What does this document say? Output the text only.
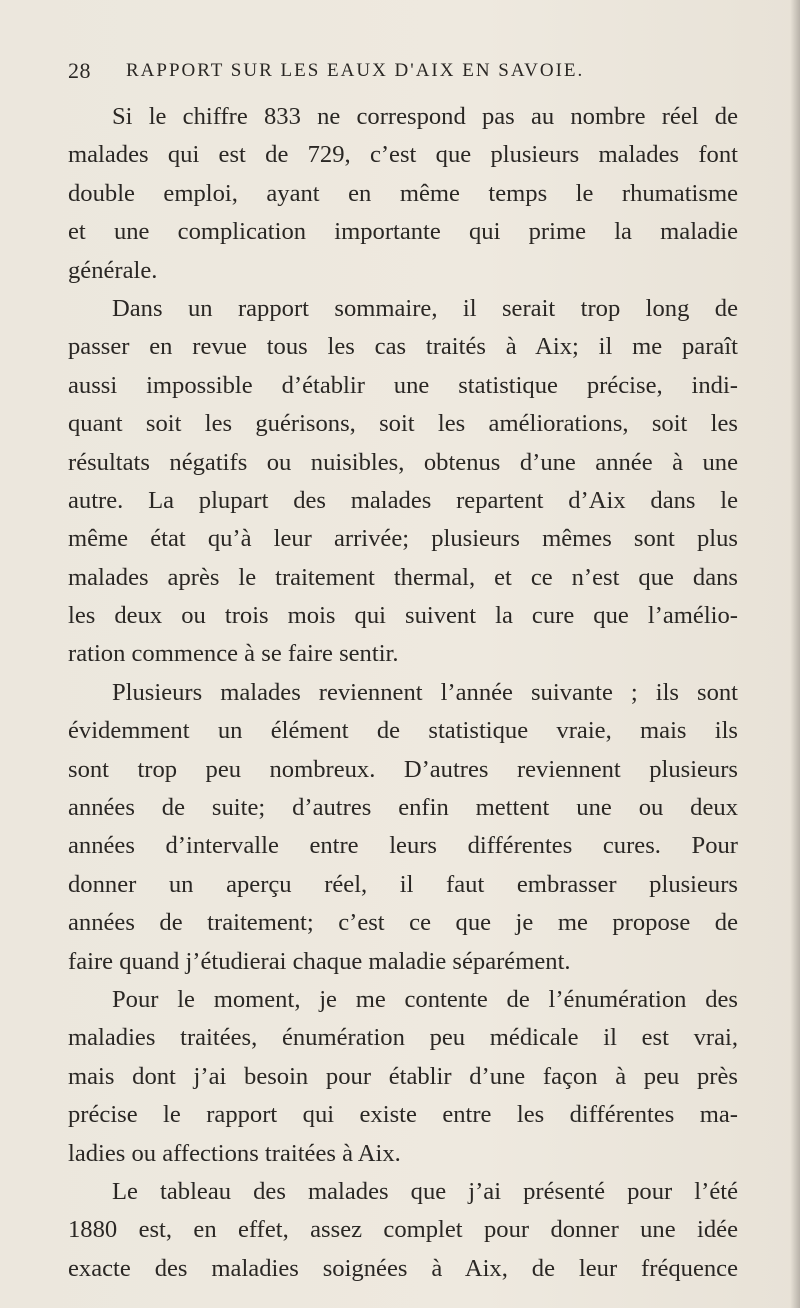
28 RAPPORT SUR LES EAUX D'AIX EN SAVOIE.

Si le chiffre 833 ne correspond pas au nombre réel de
malades qui est de 729, c’est que plusieurs malades font
double emploi, ayant en même temps le rhumatisme
et une complication importante qui prime la maladie
générale.

Dans un rapport sommaire, il serait trop long de
passer en revue tous les cas traités à Aix; il me paraît
aussi impossible d’établir une statistique précise, indi-
quant soit les guérisons, soit les améliorations, soit les
résultats négatifs ou nuisibles, obtenus d’une année à une
autre. La plupart des malades repartent d’Aix dans le
même état qu’à leur arrivée; plusieurs mêmes sont plus
malades après le traitement thermal, et ce n’est que dans
les deux ou trois mois qui suivent la cure que l’amélio-
ration commence à se faire sentir.

Plusieurs malades reviennent l’année suivante ; ils sont
évidemment un élément de statistique vraie, mais ils
sont trop peu nombreux. D’autres reviennent plusieurs
années de suite; d’autres enfin mettent une ou deux
années d’intervalle entre leurs différentes cures. Pour
donner un aperçu réel, il faut embrasser plusieurs
années de traitement; c’est ce que je me propose de
faire quand j’étudierai chaque maladie séparément.

Pour le moment, je me contente de l’énumération des
maladies traitées, énumération peu médicale il est vrai,
mais dont j’ai besoin pour établir d’une façon à peu près
précise le rapport qui existe entre les différentes ma-
ladies ou affections traitées à Aix.

Le tableau des malades que j’ai présenté pour l’été
1880 est, en effet, assez complet pour donner une idée
exacte des maladies soignées à Aix, de leur fréquence
